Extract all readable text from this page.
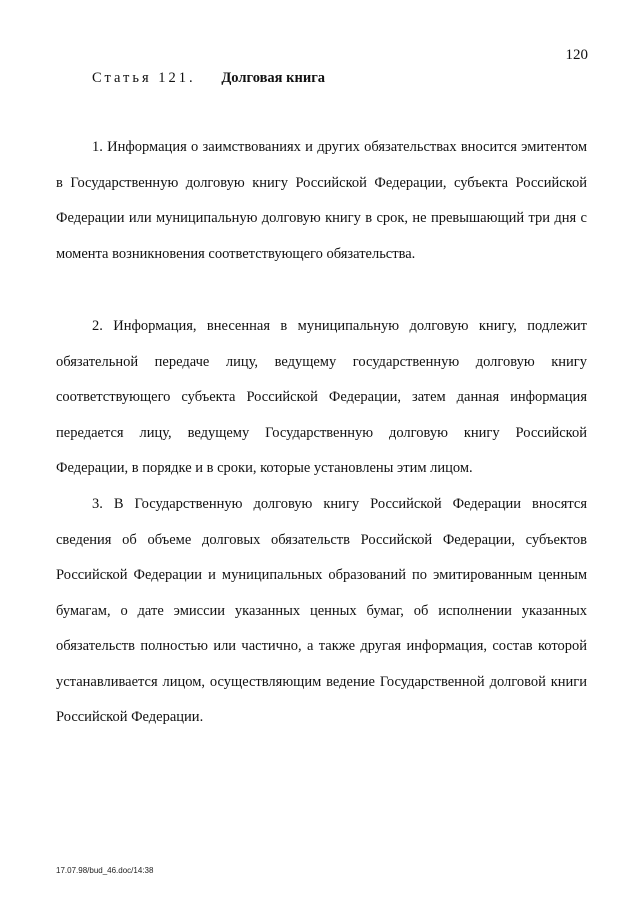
120
Статья 121. Долговая книга

1. Информация о заимствованиях и других обязательствах вносится эмитентом в Государственную долговую книгу Российской Федерации, субъекта Российской Федерации или муниципальную долговую книгу в срок, не превышающий три дня с момента возникновения соответствующего обязательства.

2. Информация, внесенная в муниципальную долговую книгу, подлежит обязательной передаче лицу, ведущему государственную долговую книгу соответствующего субъекта Российской Федерации, затем данная информация передается лицу, ведущему Государственную долговую книгу Российской Федерации, в порядке и в сроки, которые установлены этим лицом.

3. В Государственную долговую книгу Российской Федерации вносятся сведения об объеме долговых обязательств Российской Федерации, субъектов Российской Федерации и муниципальных образований по эмитированным ценным бумагам, о дате эмиссии указанных ценных бумаг, об исполнении указанных обязательств полностью или частично, а также другая информация, состав которой устанавливается лицом, осуществляющим ведение Государственной долговой книги Российской Федерации.

17.07.98/bud_46.doc/14:38
